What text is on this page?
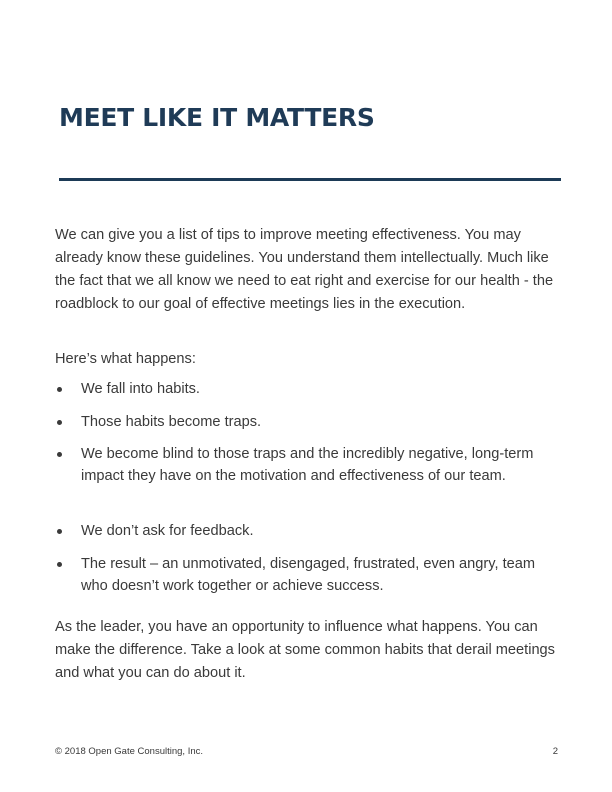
MEET LIKE IT MATTERS

We can give you a list of tips to improve meeting effectiveness. You may already know these guidelines. You understand them intellectually. Much like the fact that we all know we need to eat right and exercise for our health - the roadblock to our goal of effective meetings lies in the execution.

Here’s what happens:

We fall into habits.
Those habits become traps.
We become blind to those traps and the incredibly negative, long-term impact they have on the motivation and effectiveness of our team.
We don’t ask for feedback.
The result – an unmotivated, disengaged, frustrated, even angry, team who doesn’t work together or achieve success.

As the leader, you have an opportunity to influence what happens. You can make the difference. Take a look at some common habits that derail meetings and what you can do about it.

© 2018 Open Gate Consulting, Inc.	2
